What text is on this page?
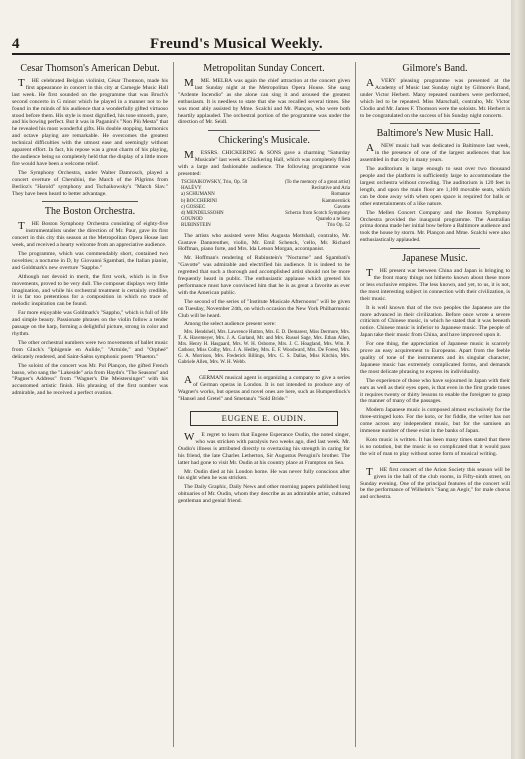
4	Freund's Musical Weekly.
Cesar Thomson's American Debut.

THE celebrated Belgian violinist, César Thomson, made his first appearance in concert in this city at Carnegie Music Hall last week. He first sounded on the programme that was Bruch's second concerto in G minor which he played in a manner not to be found in the minds of his audience that a wonderfully gifted virtuoso stood before them. His style is most dignified, his tone smooth, pure, and his bowing perfect. But it was in Paganini's "Non Più Mesta" that he revealed his most wonderful gifts. His double stopping, harmonics and octave playing are remarkable. He overcomes the greatest technical difficulties with the utmost ease and seemingly without apparent effort. In fact, his repose was a great charm of his playing, the audience being so completely held that the display of a little more fire would have been a welcome relief.

The Symphony Orchestra, under Walter Damrosch, played a concert overture of Cherubini, the March of the Pilgrims from Berlioz's "Harold" symphony and Tschaikowsky's "March Slav." They have been heard to better advantage.

The Boston Orchestra.

THE Boston Symphony Orchestra consisting of eighty-five instrumentalists under the direction of Mr. Paur, gave its first concert in this city this season at the Metropolitan Opera House last week, and received a hearty welcome from an appreciative audience.

The programme, which was commendably short, contained two novelties; a nocturne in D, by Giovanni Sgambati, the Italian pianist, and Goldmark's new overture "Sappho."

Although not devoid in merit, the first work, which is in five movements, proved to be very dull. The composer displays very little imagination, and while his orchestral treatment is certainly credible, it is far too pretentious for a composition in which no trace of melodic inspiration can be found.

Far more enjoyable was Goldmark's "Sappho," which is full of life and simple beauty. Passionate phrases on the violin follow a tender passage on the harp, forming a delightful picture, strong in color and rhythm.

The other orchestral numbers were two movements of ballet music from Gluck's "Iphigenie en Aulide," "Armide," and "Orpheé" delicately rendered, and Saint-Saëns symphonic poem "Phaeton."

The soloist of the concert was Mr. Pol Plançon, the gifted French basso, who sang the "Lakeside" aria from Haydn's "The Seasons" and "Pagner's Address" from "Wagner's Die Meistersinger" with his accustomed artistic finish. His phrasing of the first number was admirable, and he received a perfect ovation.

Metropolitan Sunday Concert.

MME. MELBA was again the chief attraction at the concert given last Sunday night at the Metropolitan Opera House. She sang "Ardente Incendio" as she alone can sing it and aroused the greatest enthusiasm. It is needless to state that she was recalled several times. She was most ably assisted by Mme. Scalchi and Mr. Plançon, who were both heartily applauded. The orchestral portion of the programme was under the direction of Mr. Seidl.

Chickering's Musicale.

MESSRS. CHICKERING & SONS gave a charming "Saturday Musicale" last week at Chickering Hall, which was completely filled with a large and fashionable audience. The following programme was presented:

TSCHAIKOWSKY, Trio, Op. 50	(To the memory of a great artist)
HALÉVY	Recitative and Aria
a) SCHUMANN	Romanze
b) BOCCHERINI	Kammerstück
c) GOSSEC	Gavotte
d) MENDELSSOHN	Scherzo from Scotch Symphony
GOUNOD	Quando a te lieta
RUBINSTEIN	Trio Op. 52

The artists who assisted were Miss Augusta Mottshall, contralto, Mr. Gustave Dannreuther, violin, Mr. Emil Schenck, 'cello, Mr. Richard Hoffman, piano forte, and Mrs. Ida Letson Morgan, accompanist.

Mr. Hoffman's rendering of Rubinstein's "Nocturne" and Sgambati's "Gavotte" was admirable and electrified his audience. It is indeed to be regretted that such a thorough and accomplished artist should not be more frequently heard in public. The enthusiastic applause which greeted his performance must have convinced him that he is as great a favorite as ever with the American public.

The second of the series of "Institute Musicale Afternoons" will be given on Tuesday, November 24th, on which occasion the New York Philharmonic Club will be heard.

Among the select audience present were:

Mrs. Hendshell, Mrs. Lawrence Hutton, Mrs. E. D. Demarest, Miss Dermore, Mrs. T. A. Havemeyer, Mrs. J. A. Garland, Mr. and Mrs. Russel Sage, Mrs. Ethan Allen, Mrs. Henry H. Hasgaard, Mrs. W. H. Osborne, Mrs. J. C. Hoagland, Mrs. Wm. P. Cathour, Miss Colby, Mrs. J. A. Hedley, Mrs. E. F. Woodward, Mrs. De Forest, Mrs. G. A. Morrison, Mrs. Frederick Billings, Mrs. C. S. Dallas, Miss Kitchin, Mrs. Gabriele Allen, Mrs. W. H. Webb.

AGERMAN musical agent is organizing a company to give a series of German operas in London. It is not intended to produce any of Wagner's works, but operas and novel ones are here, such as Humperdinck's "Hansel and Gretel" and Smetana's "Sold Bride."

EUGENE E. OUDIN.

WE regret to learn that Eugene Esperance Oudin, the noted singer, who was stricken with paralysis two weeks ago, died last week. Mr. Oudin's illness is attributed directly to overtaxing his strength in caring for his friend, the late Charles Letherton, Sir Augustus Perugini's brother. The latter had gone to visit Mr. Oudin at his country place at Frampton on Sea.

Mr. Oudin died at his London home. He was never fully conscious after his sight when he was stricken.

The Daily Graphic, Daily News and other morning papers published long obituaries of Mr. Oudin, whom they describe as an admirable artist, cultured gentleman and genial friend.

Gilmore's Band.

AVERY pleasing programme was presented at the Academy of Music last Sunday night by Gilmore's Band, under Victor Herbert. Many repeated numbers were performed, which led to be repeated. Miss Marschall, contralto, Mr. Victor Clodio and Mr. James F. Thomson were the soloists. Mr. Herbert is to be congratulated on the success of his Sunday night concerts.

Baltimore's New Music Hall.

ANEW music hall was dedicated in Baltimore last week, in the presence of one of the largest audiences that has assembled in that city in many years.

The auditorium is large enough to seat over two thousand people and the platform is sufficiently large to accommodate the largest orchestra without crowding. The auditorium is 120 feet in length, and upon the main floor are 1,100 movable seats, which can be done away with when open space is required for balls or other entertainments of a like nature.

The Mellen Concert Company and the Boston Symphony Orchestra provided the inaugural programme. The Australian prima donna made her initial bow before a Baltimore audience and took the house by storm. Mr. Plançon and Mme. Scalchi were also enthusiastically applauded.

Japanese Music.

THE present war between China and Japan is bringing to the front many things not hitherto known about these more or less exclusive empires. The less known, and yet, to us, it is not, the most interesting subject in connection with their civilization, is their music.

It is well known that of the two peoples the Japanese are the more advanced in their civilization. Before once wrote a severe criticism of Chinese music, in which he stated that it was beneath notice. Chinese music is inferior to Japanese music. The people of Japan take their music from China, and have improved upon it.

For one thing, the appreciation of Japanese music is scarcely prove an easy acquirement to Europeans. Apart from the feeble quality of tone of the instruments and its singular character, Japanese music has extremely complicated forms, and demands the most delicate phrasing to express its individuality.

The experience of those who have sojourned in Japan with their ears as well as their eyes open, is that even in the first grade tunes it requires twenty or thirty lessons to enable the foreigner to grasp the manner of many of the passages.

Modern Japanese music is composed almost exclusively for the three-stringed koto. For the koto, or for fiddle, the writer has not come across any independent music, but for the samisen an immense number of these exist in the banks of Japan.

Koto music is written. It has been many times stated that there is no notation, but the music is so complicated that it would pass the wit of man to play without some form of musical writing.

THE first concert of the Arion Society this season will be given in the hall of the club rooms, in Fifty-ninth street, on Sunday evening. One of the principal features of the concert will be the performance of Wilhelm's "Sang an Aegir," for male chorus and orchestra.
